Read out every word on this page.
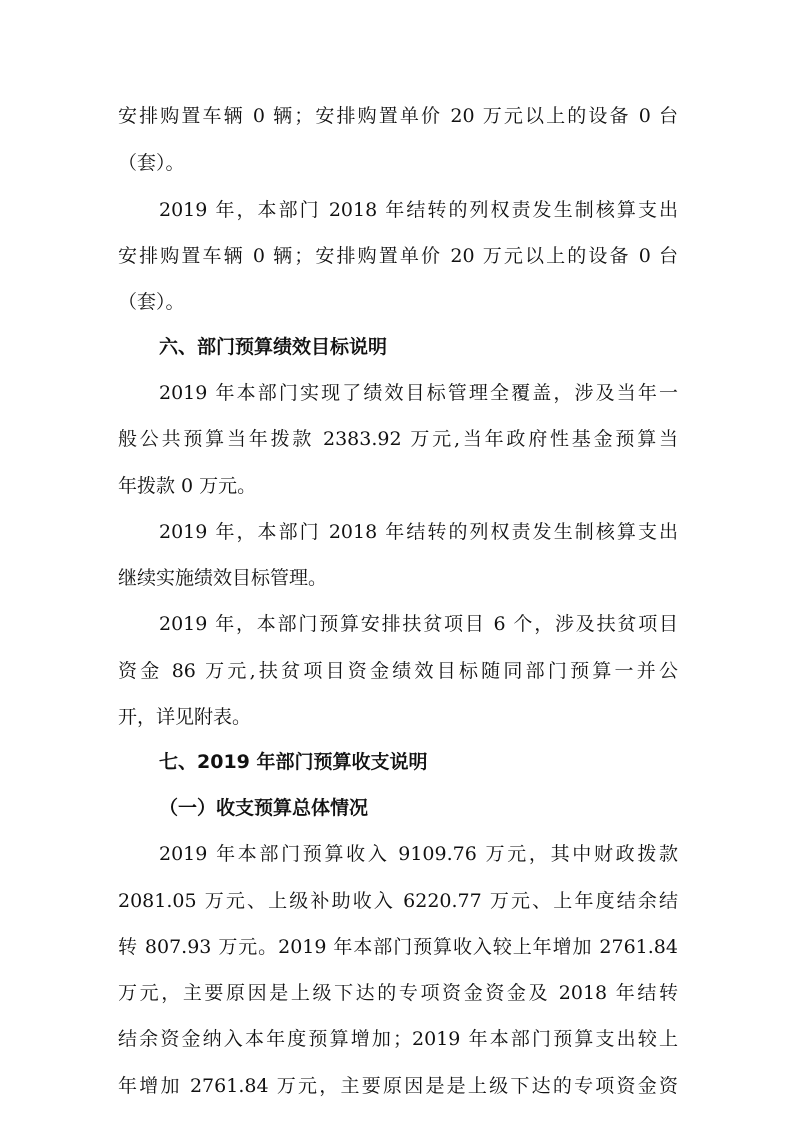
安排购置车辆 0 辆；安排购置单价 20 万元以上的设备 0 台
（套）。
2019 年，本部门 2018 年结转的列权责发生制核算支出
安排购置车辆 0 辆；安排购置单价 20 万元以上的设备 0 台
（套）。
六、部门预算绩效目标说明
2019 年本部门实现了绩效目标管理全覆盖，涉及当年一
般公共预算当年拨款 2383.92 万元,当年政府性基金预算当
年拨款 0 万元。
2019 年，本部门 2018 年结转的列权责发生制核算支出
继续实施绩效目标管理。
2019 年，本部门预算安排扶贫项目 6 个，涉及扶贫项目
资金 86 万元,扶贫项目资金绩效目标随同部门预算一并公
开，详见附表。
七、2019 年部门预算收支说明
（一）收支预算总体情况
2019 年本部门预算收入 9109.76 万元，其中财政拨款
2081.05 万元、上级补助收入 6220.77 万元、上年度结余结
转 807.93 万元。2019 年本部门预算收入较上年增加 2761.84
万元，主要原因是上级下达的专项资金资金及 2018 年结转
结余资金纳入本年度预算增加；2019 年本部门预算支出较上
年增加 2761.84 万元，主要原因是是上级下达的专项资金资
